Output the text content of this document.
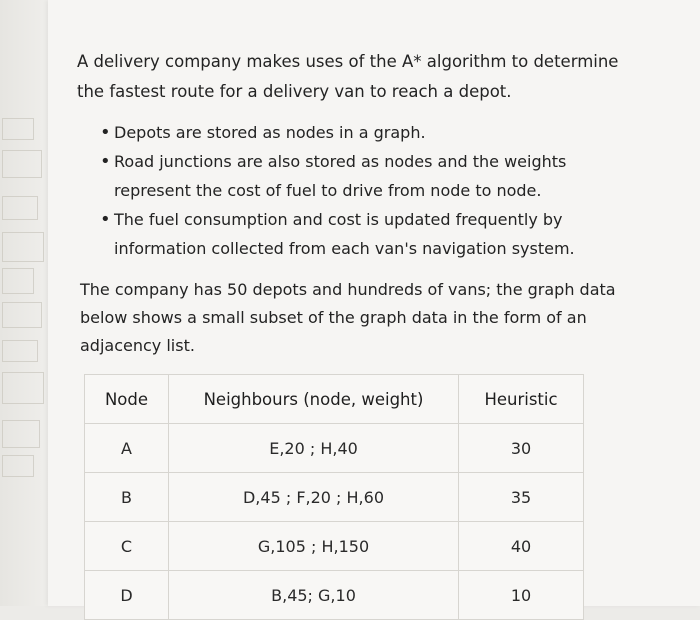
A delivery company makes uses of the A* algorithm to determine the fastest route for a delivery van to reach a depot.

• Depots are stored as nodes in a graph.
• Road junctions are also stored as nodes and the weights represent the cost of fuel to drive from node to node.
• The fuel consumption and cost is updated frequently by information collected from each van's navigation system.

The company has 50 depots and hundreds of vans; the graph data below shows a small subset of the graph data in the form of an adjacency list.

Node	Neighbours (node, weight)	Heuristic
A	E,20 ; H,40	30
B	D,45 ; F,20 ; H,60	35
C	G,105 ; H,150	40
D	B,45; G,10	10
